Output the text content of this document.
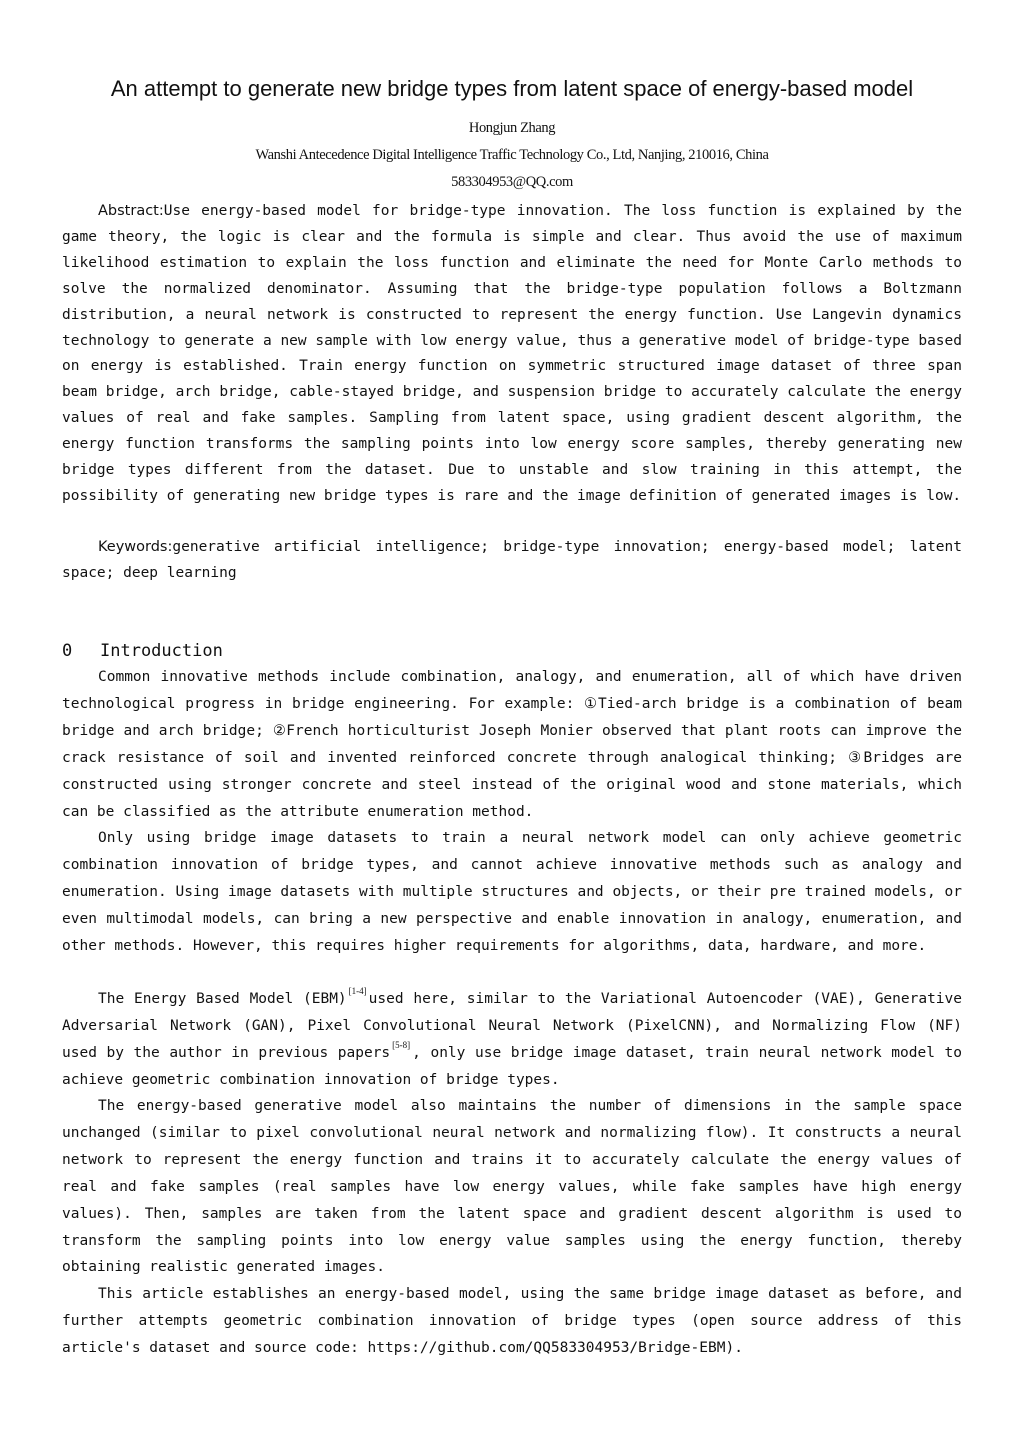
An attempt to generate new bridge types from latent space of energy-based model
Hongjun Zhang
Wanshi Antecedence Digital Intelligence Traffic Technology Co., Ltd, Nanjing, 210016, China
583304953@QQ.com

Abstract:Use energy-based model for bridge-type innovation. The loss function is explained by the game theory, the logic is clear and the formula is simple and clear. Thus avoid the use of maximum likelihood estimation to explain the loss function and eliminate the need for Monte Carlo methods to solve the normalized denominator. Assuming that the bridge-type population follows a Boltzmann distribution, a neural network is constructed to represent the energy function. Use Langevin dynamics technology to generate a new sample with low energy value, thus a generative model of bridge-type based on energy is established. Train energy function on symmetric structured image dataset of three span beam bridge, arch bridge, cable-stayed bridge, and suspension bridge to accurately calculate the energy values of real and fake samples. Sampling from latent space, using gradient descent algorithm, the energy function transforms the sampling points into low energy score samples, thereby generating new bridge types different from the dataset. Due to unstable and slow training in this attempt, the possibility of generating new bridge types is rare and the image definition of generated images is low.

Keywords:generative artificial intelligence; bridge-type innovation; energy-based model; latent space; deep learning

0 Introduction

Common innovative methods include combination, analogy, and enumeration, all of which have driven technological progress in bridge engineering. For example: ①Tied-arch bridge is a combination of beam bridge and arch bridge; ②French horticulturist Joseph Monier observed that plant roots can improve the crack resistance of soil and invented reinforced concrete through analogical thinking; ③Bridges are constructed using stronger concrete and steel instead of the original wood and stone materials, which can be classified as the attribute enumeration method.

Only using bridge image datasets to train a neural network model can only achieve geometric combination innovation of bridge types, and cannot achieve innovative methods such as analogy and enumeration. Using image datasets with multiple structures and objects, or their pre trained models, or even multimodal models, can bring a new perspective and enable innovation in analogy, enumeration, and other methods. However, this requires higher requirements for algorithms, data, hardware, and more.

The Energy Based Model (EBM) [1-4] used here, similar to the Variational Autoencoder (VAE), Generative Adversarial Network (GAN), Pixel Convolutional Neural Network (PixelCNN), and Normalizing Flow (NF) used by the author in previous papers [5-8] , only use bridge image dataset, train neural network model to achieve geometric combination innovation of bridge types.

The energy-based generative model also maintains the number of dimensions in the sample space unchanged (similar to pixel convolutional neural network and normalizing flow). It constructs a neural network to represent the energy function and trains it to accurately calculate the energy values of real and fake samples (real samples have low energy values, while fake samples have high energy values). Then, samples are taken from the latent space and gradient descent algorithm is used to transform the sampling points into low energy value samples using the energy function, thereby obtaining realistic generated images.

This article establishes an energy-based model, using the same bridge image dataset as before, and further attempts geometric combination innovation of bridge types (open source address of this article's dataset and source code: https://github.com/QQ583304953/Bridge-EBM).
